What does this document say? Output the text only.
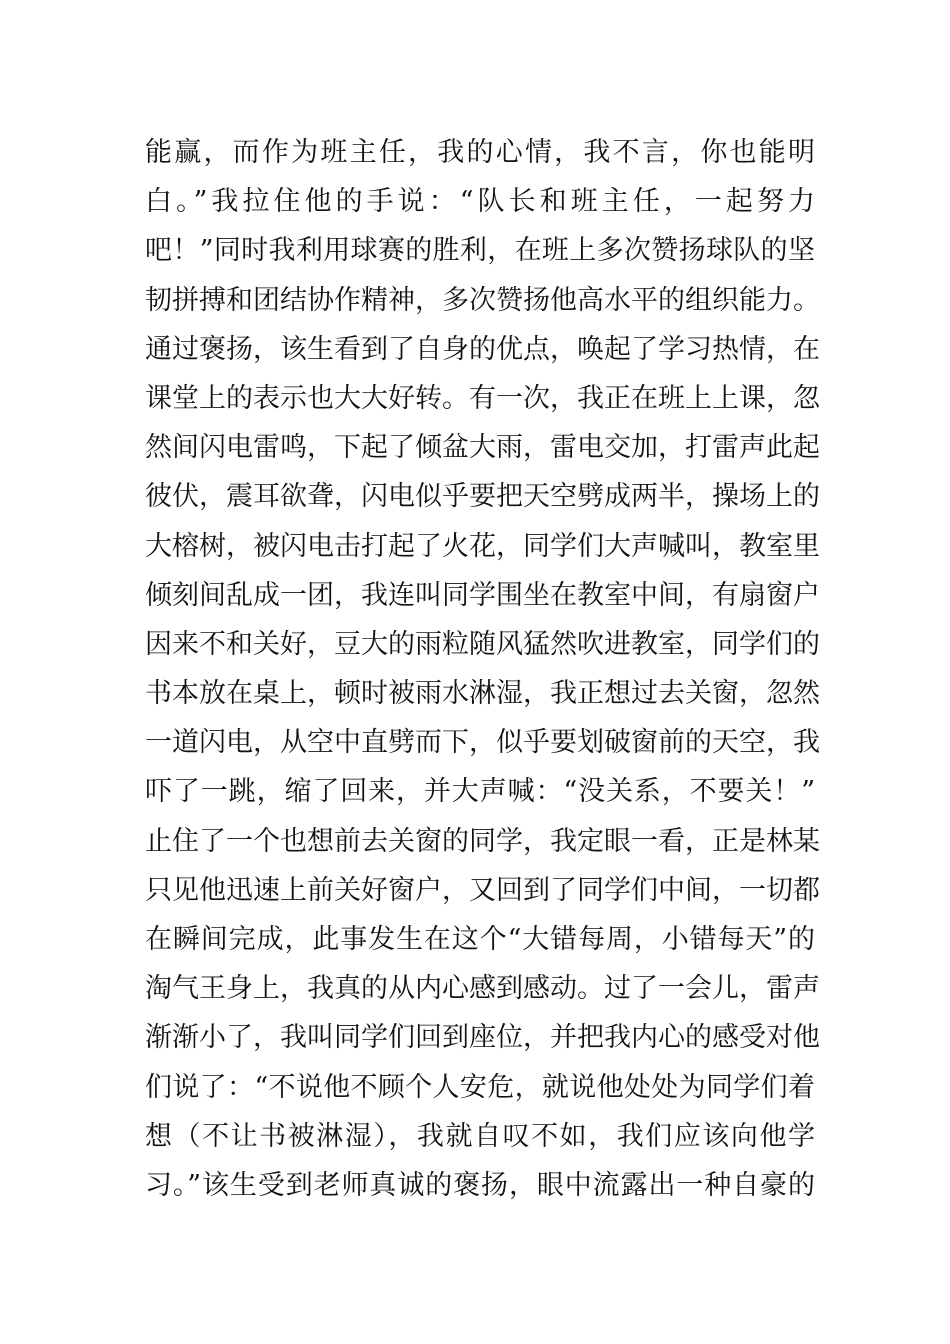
能赢，而作为班主任，我的心情，我不言，你也能明
白。”我拉住他的手说：“队长和班主任，一起努力
吧！”同时我利用球赛的胜利，在班上多次赞扬球队的坚
韧拼搏和团结协作精神，多次赞扬他高水平的组织能力。
通过褒扬，该生看到了自身的优点，唤起了学习热情，在
课堂上的表示也大大好转。有一次，我正在班上上课，忽
然间闪电雷鸣，下起了倾盆大雨，雷电交加，打雷声此起
彼伏，震耳欲聋，闪电似乎要把天空劈成两半，操场上的
大榕树，被闪电击打起了火花，同学们大声喊叫，教室里
倾刻间乱成一团，我连叫同学围坐在教室中间，有扇窗户
因来不和关好，豆大的雨粒随风猛然吹进教室，同学们的
书本放在桌上，顿时被雨水淋湿，我正想过去关窗，忽然
一道闪电，从空中直劈而下，似乎要划破窗前的天空，我
吓了一跳，缩了回来，并大声喊：“没关系，不要关！”
止住了一个也想前去关窗的同学，我定眼一看，正是林某
只见他迅速上前关好窗户，又回到了同学们中间，一切都
在瞬间完成，此事发生在这个“大错每周，小错每天”的
淘气王身上，我真的从内心感到感动。过了一会儿，雷声
渐渐小了，我叫同学们回到座位，并把我内心的感受对他
们说了：“不说他不顾个人安危，就说他处处为同学们着
想（不让书被淋湿），我就自叹不如，我们应该向他学
习。”该生受到老师真诚的褒扬，眼中流露出一种自豪的
